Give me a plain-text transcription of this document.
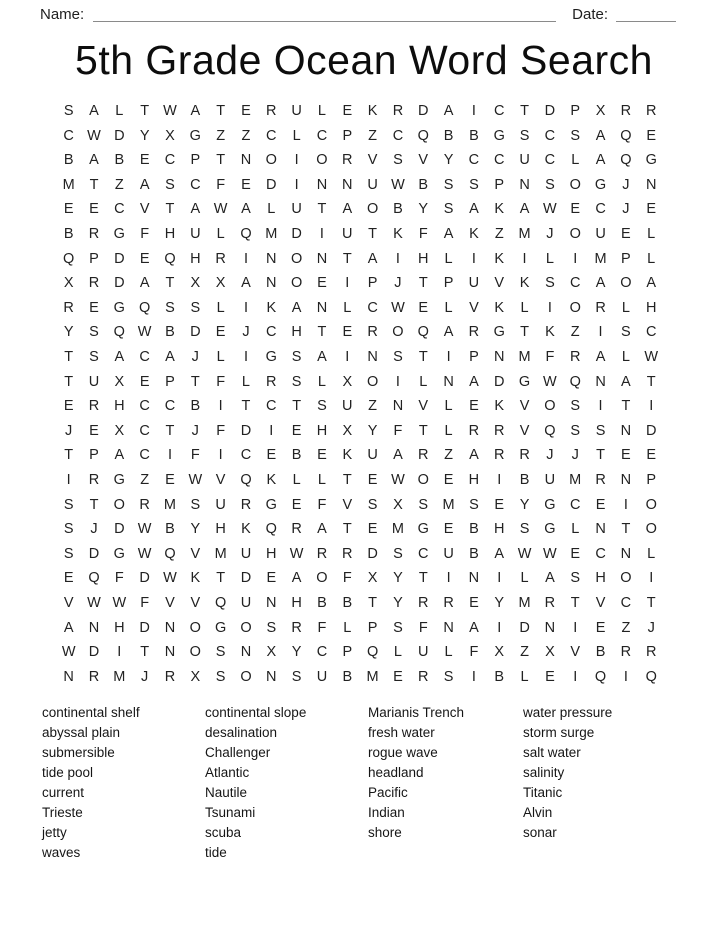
Name:	Date:
5th Grade Ocean Word Search
S	A	L	T W A	T	E	R	U	L	E	K	R	D	A	I	C	T	D	P	X	R	R
C W D	Y	X	G	Z	Z	C	L	C	P	Z	C Q	B	B	G	S	C	S	A	Q	E
B	A	B	E	C	P	T	N O	I	O R	V	S	V	Y	C	C	U	C	L	A	Q G
M	T	Z	A	S	C	F	E	D	I	N	N	U W B	S	S	P	N	S	O G	J	N
E	E	C	V	T	A W A	L	U	T	A	O	B	Y	S	A	K	A W E	C	J	E
B	R G	F	H	U	L	Q M D	I	U	T	K	F	A	K	Z	M	J	O U	E	L
Q	P	D	E	Q H	R	I	N O N	T	A	I	H	L	I	K	I	L	I	M P	L
X	R	D	A	T	X	X	A	N O	E	I	P	J	T	P	U	V	K	S	C	A	O	A
R	E	G Q	S	S	L	I	K	A	N	L	C W E	L	V	K	L	I	O R	L	H
Y	S	Q W B	D	E	J	C	H	T	E	R O Q	A	R G	T	K	Z	I	S	C
T	S	A	C	A	J	L	I	G	S	A	I	N	S	T	I	P	N M	F	R	A	L W
T	U	X	E	P	T	F	L	R	S	L	X	O	I	L	N	A	D G W Q N	A	T
E	R	H	C	C	B	I	T	C	T	S	U	Z	N	V	L	E	K	V	O	S	I	T	I
J	E	X	C	T	J	F	D	I	E	H	X	Y	F	T	L	R	R	V	Q	S	S	N	D
T	P	A	C	I	F	I	C	E	B	E	K	U	A	R	Z	A	R	R	J	J	T	E	E
I	R G	Z	E W V	Q	K	L	L	T	E W O	E	H	I	B	U M R	N	P
S	T	O R M S	U	R G	E	F	V	S	X	S M S	E	Y	G C	E	I	O
S	J	D W B	Y	H	K	Q R	A	T	E M G	E	B	H	S	G	L	N	T	O
S	D G W Q	V M U	H W R	R	D	S	C	U	B	A W W E	C	N	L
E	Q	F	D W K	T	D	E	A	O	F	X	Y	T	I	N	I	L	A	S	H O	I
V W W F	V	V	Q U	N	H	B	B	T	Y	R	R	E	Y M R	T	V	C	T
A	N	H	D	N O G O	S	R	F	L	P	S	F	N	A	I	D	N	I	E	Z	J
W D	I	T	N O	S	N	X	Y	C	P	Q	L	U	L	F	X	Z	X	V	B	R	R
N	R M	J	R	X	S	O N	S	U	B M E	R	S	I	B	L	E	I	Q	I	Q
continental shelf
abyssal plain
submersible
tide pool
current
Trieste
jetty
waves
continental slope
desalination
Challenger
Atlantic
Nautile
Tsunami
scuba
tide
Marianis Trench
fresh water
rogue wave
headland
Pacific
Indian
shore
water pressure
storm surge
salt water
salinity
Titanic
Alvin
sonar
